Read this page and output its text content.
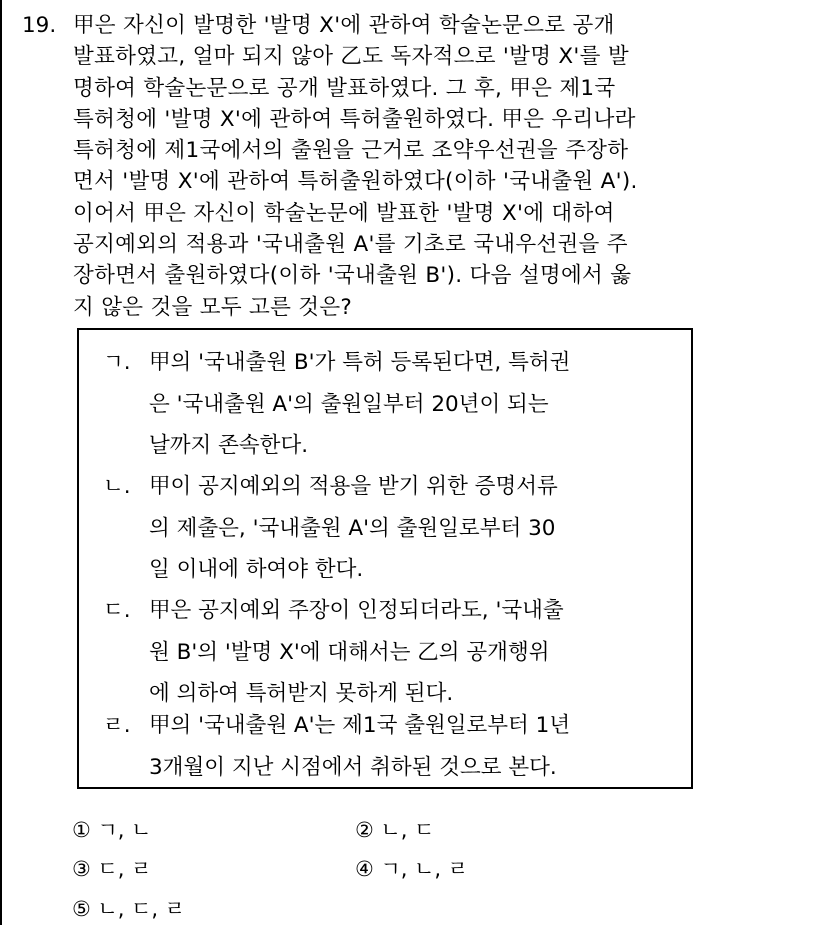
19. 甲은 자신이 발명한 '발명 X'에 관하여 학술논문으로 공개
발표하였고, 얼마 되지 않아 乙도 독자적으로 '발명 X'를 발
명하여 학술논문으로 공개 발표하였다. 그 후, 甲은 제1국
특허청에 '발명 X'에 관하여 특허출원하였다. 甲은 우리나라
특허청에 제1국에서의 출원을 근거로 조약우선권을 주장하
면서 '발명 X'에 관하여 특허출원하였다(이하 '국내출원 A').
이어서 甲은 자신이 학술논문에 발표한 '발명 X'에 대하여
공지예외의 적용과 '국내출원 A'를 기초로 국내우선권을 주
장하면서 출원하였다(이하 '국내출원 B'). 다음 설명에서 옳
지 않은 것을 모두 고른 것은?
ㄱ. 甲의 '국내출원 B'가 특허 등록된다면, 특허권
은 '국내출원 A'의 출원일부터 20년이 되는
날까지 존속한다.
ㄴ. 甲이 공지예외의 적용을 받기 위한 증명서류
의 제출은, '국내출원 A'의 출원일로부터 30
일 이내에 하여야 한다.
ㄷ. 甲은 공지예외 주장이 인정되더라도, '국내출
원 B'의 '발명 X'에 대해서는 乙의 공개행위
에 의하여 특허받지 못하게 된다.
ㄹ. 甲의 '국내출원 A'는 제1국 출원일로부터 1년
3개월이 지난 시점에서 취하된 것으로 본다.
① ㄱ, ㄴ	② ㄴ, ㄷ
③ ㄷ, ㄹ	④ ㄱ, ㄴ, ㄹ
⑤ ㄴ, ㄷ, ㄹ
